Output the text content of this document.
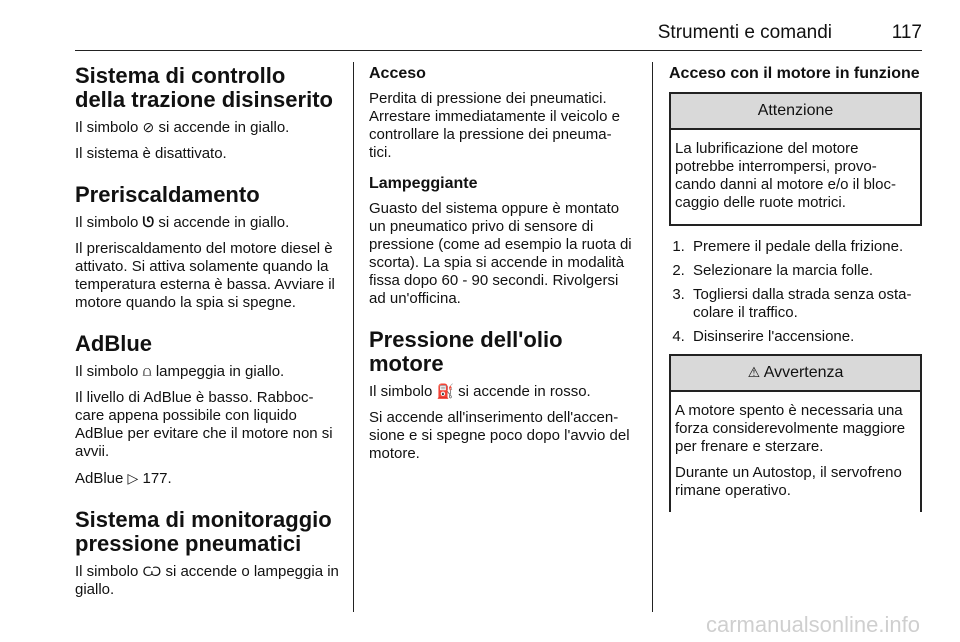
Strumenti e comandi	117
Sistema di controllo della trazione disinserito

Il simbolo ⊘ si accende in giallo.

Il sistema è disattivato.

Preriscaldamento

Il simbolo ᘎ si accende in giallo.

Il preriscaldamento del motore diesel è attivato. Si attiva solamente quando la temperatura esterna è bassa. Avviare il motore quando la spia si spegne.

AdBlue

Il simbolo ⩍ lampeggia in giallo.

Il livello di AdBlue è basso. Rabboc-care appena possibile con liquido AdBlue per evitare che il motore non si avvii.

AdBlue ▷ 177.

Sistema di monitoraggio pressione pneumatici

Il simbolo Ѡ si accende o lampeggia in giallo.

Acceso

Perdita di pressione dei pneumatici. Arrestare immediatamente il veicolo e controllare la pressione dei pneuma-tici.

Lampeggiante

Guasto del sistema oppure è montato un pneumatico privo di sensore di pressione (come ad esempio la ruota di scorta). La spia si accende in modalità fissa dopo 60 - 90 secondi. Rivolgersi ad un'officina.

Pressione dell'olio motore

Il simbolo ⛽ si accende in rosso.

Si accende all'inserimento dell'accen-sione e si spegne poco dopo l'avvio del motore.

Acceso con il motore in funzione
Attenzione

La lubrificazione del motore potrebbe interrompersi, provo-cando danni al motore e/o il bloc-caggio delle ruote motrici.

1. Premere il pedale della frizione.
2. Selezionare la marcia folle.
3. Togliersi dalla strada senza osta-colare il traffico.
4. Disinserire l'accensione.
⚠ Avvertenza

A motore spento è necessaria una forza considerevolmente maggiore per frenare e sterzare.

Durante un Autostop, il servofreno rimane operativo.

carmanualsonline.info
